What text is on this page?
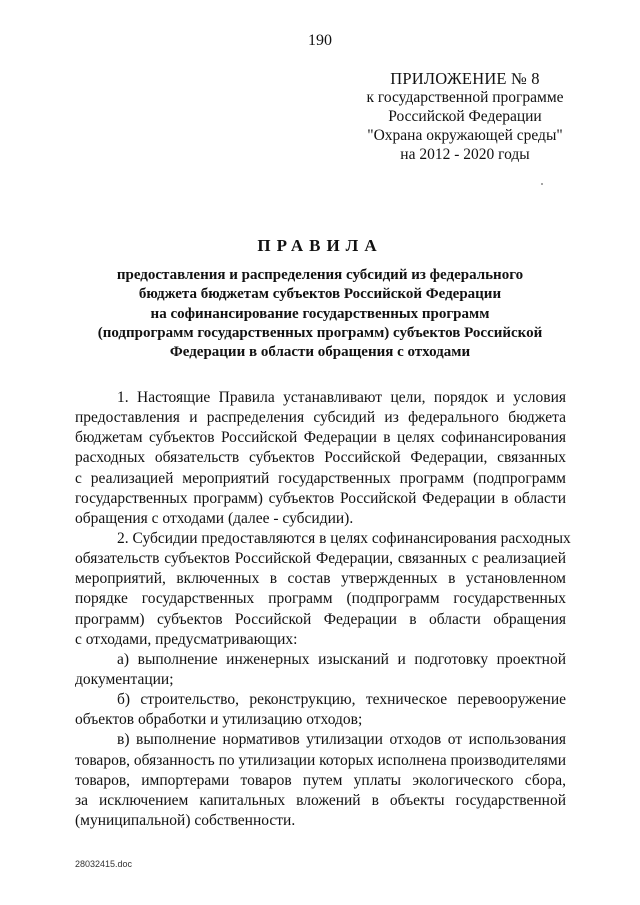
190
ПРИЛОЖЕНИЕ № 8
к государственной программе
Российской Федерации
"Охрана окружающей среды"
на 2012 - 2020 годы
ПРАВИЛА
предоставления и распределения субсидий из федерального
бюджета бюджетам субъектов Российской Федерации
на софинансирование государственных программ
(подпрограмм государственных программ) субъектов Российской
Федерации в области обращения с отходами
1. Настоящие Правила устанавливают цели, порядок и условия
предоставления и распределения субсидий из федерального бюджета
бюджетам субъектов Российской Федерации в целях софинансирования
расходных обязательств субъектов Российской Федерации, связанных
с реализацией мероприятий государственных программ (подпрограмм
государственных программ) субъектов Российской Федерации в области
обращения с отходами (далее - субсидии).
2. Субсидии предоставляются в целях софинансирования расходных
обязательств субъектов Российской Федерации, связанных с реализацией
мероприятий, включенных в состав утвержденных в установленном
порядке государственных программ (подпрограмм государственных
программ) субъектов Российской Федерации в области обращения
с отходами, предусматривающих:
а) выполнение инженерных изысканий и подготовку проектной
документации;
б) строительство, реконструкцию, техническое перевооружение
объектов обработки и утилизацию отходов;
в) выполнение нормативов утилизации отходов от использования
товаров, обязанность по утилизации которых исполнена производителями
товаров, импортерами товаров путем уплаты экологического сбора,
за исключением капитальных вложений в объекты государственной
(муниципальной) собственности.
28032415.doc
